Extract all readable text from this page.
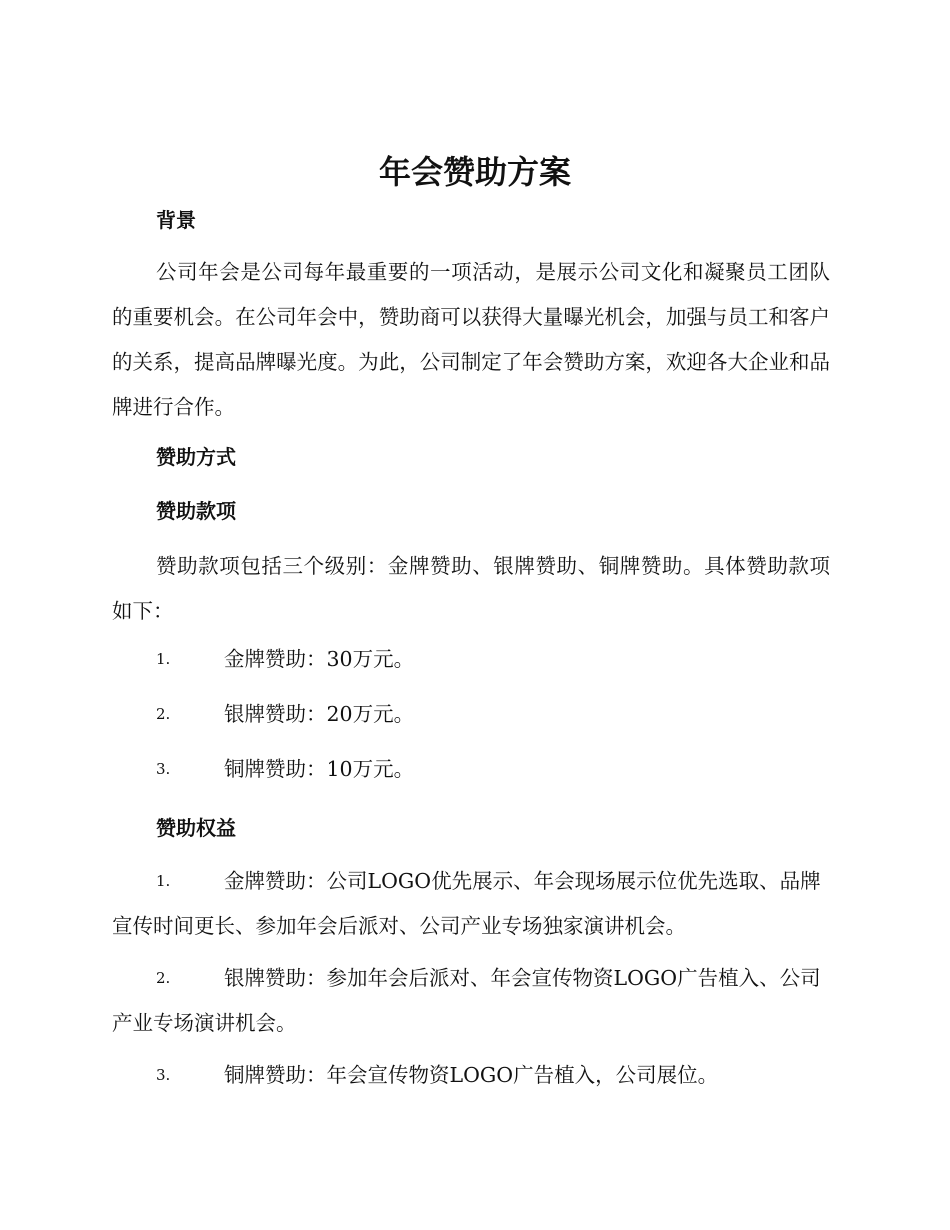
年会赞助方案
背景

公司年会是公司每年最重要的一项活动，是展示公司文化和凝聚员工团队的重要机会。在公司年会中，赞助商可以获得大量曝光机会，加强与员工和客户的关系，提高品牌曝光度。为此，公司制定了年会赞助方案，欢迎各大企业和品牌进行合作。

赞助方式
赞助款项

赞助款项包括三个级别：金牌赞助、银牌赞助、铜牌赞助。具体赞助款项如下：

1.	金牌赞助：30万元。
2.	银牌赞助：20万元。
3.	铜牌赞助：10万元。
赞助权益
1.	金牌赞助：公司LOGO优先展示、年会现场展示位优先选取、品牌宣传时间更长、参加年会后派对、公司产业专场独家演讲机会。
2.	银牌赞助：参加年会后派对、年会宣传物资LOGO广告植入、公司产业专场演讲机会。
3.	铜牌赞助：年会宣传物资LOGO广告植入，公司展位。
